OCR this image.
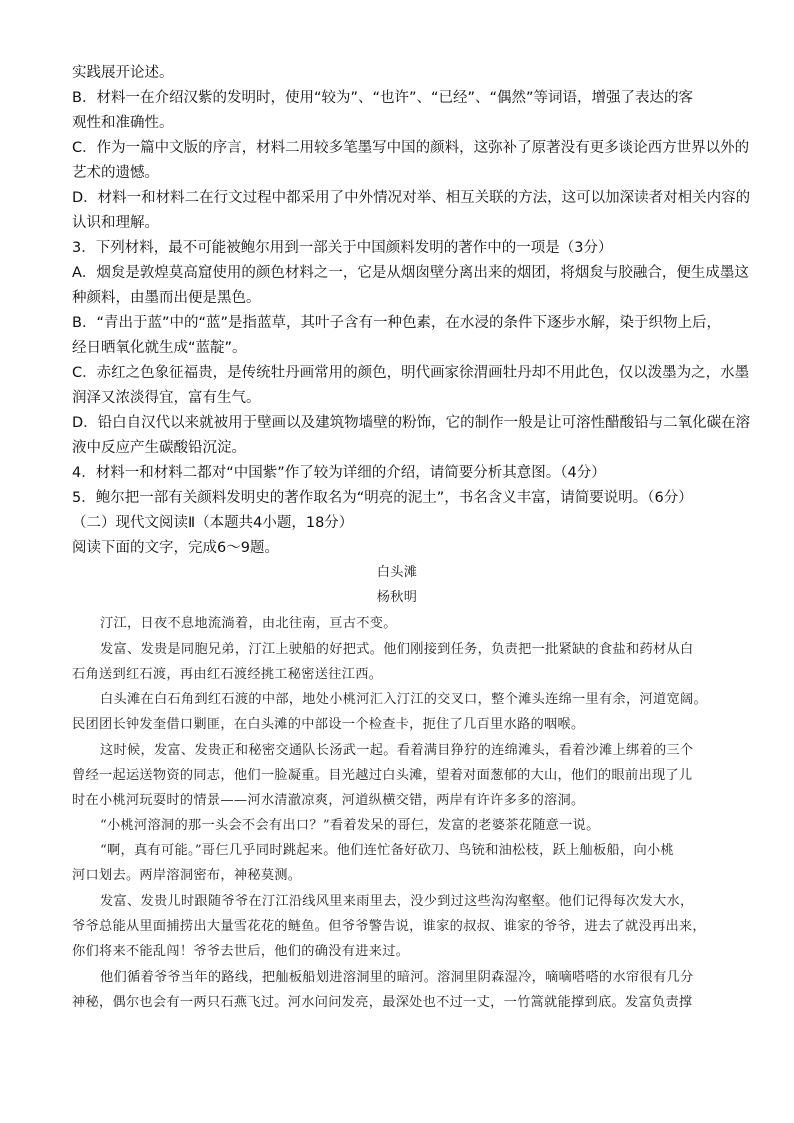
实践展开论述。
B．材料一在介绍汉紫的发明时，使用“较为”、“也许”、“已经”、“偶然”等词语，增强了表达的客
观性和准确性。
C．作为一篇中文版的序言，材料二用较多笔墨写中国的颜料，这弥补了原著没有更多谈论西方世界以外的
艺术的遗憾。
D．材料一和材料二在行文过程中都采用了中外情况对举、相互关联的方法，这可以加深读者对相关内容的
认识和理解。
3．下列材料，最不可能被鲍尔用到一部关于中国颜料发明的著作中的一项是（3分）
A．烟炱是敦煌莫高窟使用的颜色材料之一，它是从烟囱壁分离出来的烟团，将烟炱与胶融合，便生成墨这
种颜料，由墨而出便是黑色。
B．“青出于蓝”中的“蓝”是指蓝草，其叶子含有一种色素，在水浸的条件下逐步水解，染于织物上后，
经日晒氧化就生成“蓝靛”。
C．赤红之色象征福贵，是传统牡丹画常用的颜色，明代画家徐渭画牡丹却不用此色，仅以泼墨为之，水墨
润泽又浓淡得宜，富有生气。
D．铅白自汉代以来就被用于壁画以及建筑物墙壁的粉饰，它的制作一般是让可溶性醋酸铅与二氧化碳在溶
液中反应产生碳酸铅沉淀。
4．材料一和材料二都对“中国紫”作了较为详细的介绍，请简要分析其意图。（4分）
5．鲍尔把一部有关颜料发明史的著作取名为“明亮的泥土”，书名含义丰富，请简要说明。（6分）
（二）现代文阅读Ⅱ（本题共4小题，18分）
阅读下面的文字，完成6～9题。
白头滩
杨秋明
汀江，日夜不息地流淌着，由北往南，亘古不变。
发富、发贵是同胞兄弟，汀江上驶船的好把式。他们刚接到任务，负责把一批紧缺的食盐和药材从白
石角送到红石渡，再由红石渡经挑工秘密送往江西。
白头滩在白石角到红石渡的中部，地处小桃河汇入汀江的交叉口，整个滩头连绵一里有余，河道宽阔。
民团团长钟发奎借口剿匪，在白头滩的中部设一个检查卡，扼住了几百里水路的咽喉。
这时候，发富、发贵正和秘密交通队长汤武一起。看着满目狰狞的连绵滩头，看着沙滩上绑着的三个
曾经一起运送物资的同志，他们一脸凝重。目光越过白头滩，望着对面葱郁的大山，他们的眼前出现了儿
时在小桃河玩耍时的情景——河水清澈凉爽，河道纵横交错，两岸有许许多多的溶洞。
“小桃河溶洞的那一头会不会有出口？”看着发呆的哥仨，发富的老婆茶花随意一说。
“啊，真有可能。”哥仨几乎同时跳起来。他们连忙备好砍刀、鸟铳和油松枝，跃上舢板船，向小桃
河口划去。两岸溶洞密布，神秘莫测。
发富、发贵儿时跟随爷爷在汀江沿线风里来雨里去，没少到过这些沟沟壑壑。他们记得每次发大水，
爷爷总能从里面捕捞出大量雪花花的鲢鱼。但爷爷警告说，谁家的叔叔、谁家的爷爷，进去了就没再出来，
你们将来不能乱闯！爷爷去世后，他们的确没有进来过。
他们循着爷爷当年的路线，把舢板船划进溶洞里的暗河。溶洞里阴森湿冷，嘀嘀嗒嗒的水帘很有几分
神秘，偶尔也会有一两只石燕飞过。河水问问发亮，最深处也不过一丈，一竹篙就能撑到底。发富负责撑
